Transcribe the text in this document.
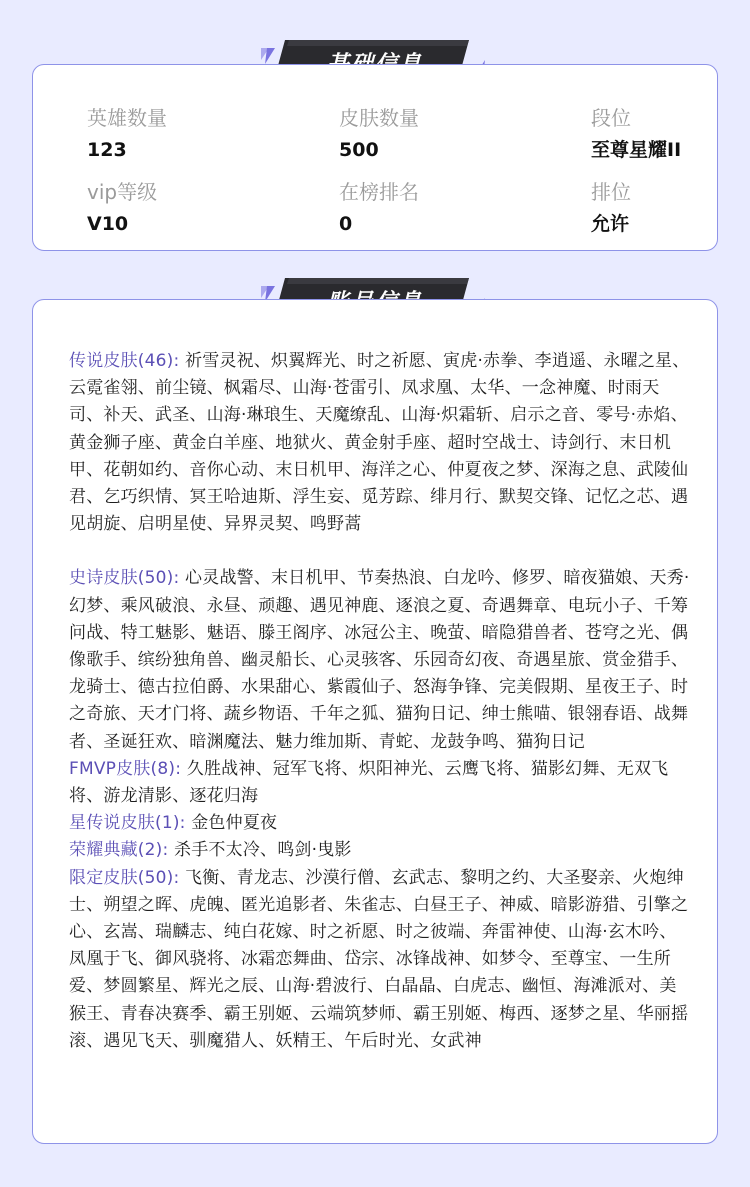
英雄数量
123
皮肤数量
500
段位
至尊星耀II
vip等级
V10
在榜排名
0
排位
允许

传说皮肤(46): 祈雪灵祝、炽翼辉光、时之祈愿、寅虎·赤拳、李逍遥、永曜之星、云霓雀翎、前尘镜、枫霜尽、山海·苍雷引、凤求凰、太华、一念神魔、时雨天司、补天、武圣、山海·琳琅生、天魔缭乱、山海·炽霜斩、启示之音、零号·赤焰、黄金狮子座、黄金白羊座、地狱火、黄金射手座、超时空战士、诗剑行、末日机甲、花朝如约、音你心动、末日机甲、海洋之心、仲夏夜之梦、深海之息、武陵仙君、乞巧织情、冥王哈迪斯、浮生妄、觅芳踪、绯月行、默契交锋、记忆之芯、遇见胡旋、启明星使、异界灵契、鸣野蒿

史诗皮肤(50): 心灵战警、末日机甲、节奏热浪、白龙吟、修罗、暗夜猫娘、天秀·幻梦、乘风破浪、永昼、顽趣、遇见神鹿、逐浪之夏、奇遇舞章、电玩小子、千筹问战、特工魅影、魅语、滕王阁序、冰冠公主、晚萤、暗隐猎兽者、苍穹之光、偶像歌手、缤纷独角兽、幽灵船长、心灵骇客、乐园奇幻夜、奇遇星旅、赏金猎手、龙骑士、德古拉伯爵、水果甜心、紫霞仙子、怒海争锋、完美假期、星夜王子、时之奇旅、天才门将、蔬乡物语、千年之狐、猫狗日记、绅士熊喵、银翎春语、战舞者、圣诞狂欢、暗渊魔法、魅力维加斯、青蛇、龙鼓争鸣、猫狗日记

FMVP皮肤(8): 久胜战神、冠军飞将、炽阳神光、云鹰飞将、猫影幻舞、无双飞将、游龙清影、逐花归海

星传说皮肤(1): 金色仲夏夜

荣耀典藏(2): 杀手不太冷、鸣剑·曳影

限定皮肤(50): 飞衡、青龙志、沙漠行僧、玄武志、黎明之约、大圣娶亲、火炮绅士、朔望之晖、虎魄、匿光追影者、朱雀志、白昼王子、神威、暗影游猎、引擎之心、玄嵩、瑞麟志、纯白花嫁、时之祈愿、时之彼端、奔雷神使、山海·玄木吟、凤凰于飞、御风骁将、冰霜恋舞曲、岱宗、冰锋战神、如梦令、至尊宝、一生所爱、梦圆繁星、辉光之辰、山海·碧波行、白晶晶、白虎志、幽恒、海滩派对、美猴王、青春决赛季、霸王别姬、云端筑梦师、霸王别姬、梅西、逐梦之星、华丽摇滚、遇见飞天、驯魔猎人、妖精王、午后时光、女武神
